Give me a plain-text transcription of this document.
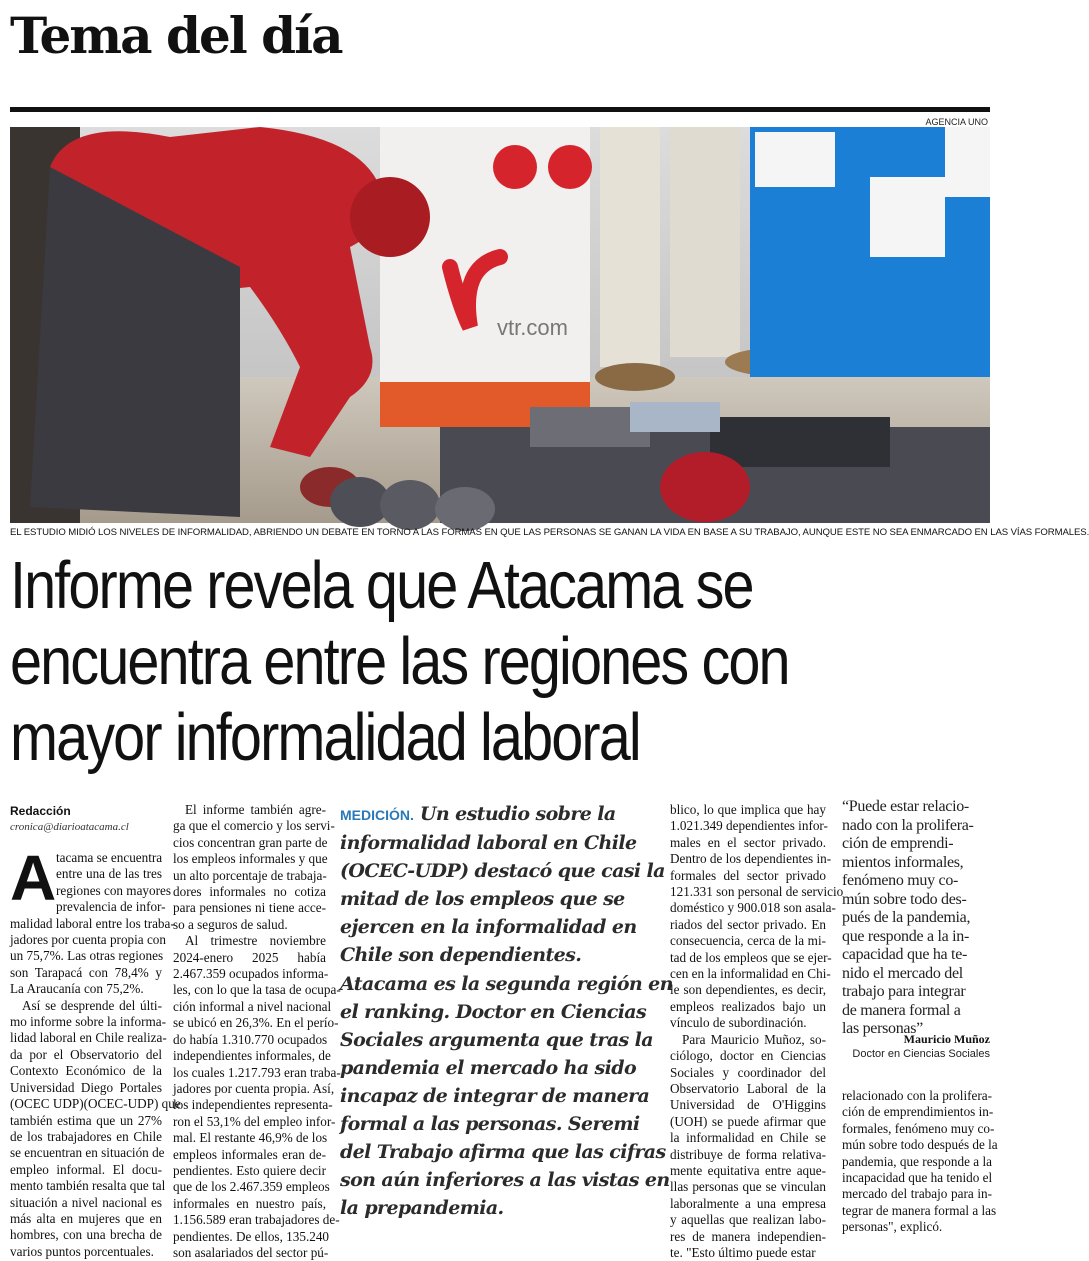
Tema del día
AGENCIA UNO
vtr.com
EL ESTUDIO MIDIÓ LOS NIVELES DE INFORMALIDAD, ABRIENDO UN DEBATE EN TORNO A LAS FORMAS EN QUE LAS PERSONAS SE GANAN LA VIDA EN BASE A SU TRABAJO, AUNQUE ESTE NO SEA ENMARCADO EN LAS VÍAS FORMALES.
Informe revela que Atacama se
encuentra entre las regiones con
mayor informalidad laboral
Redacción
cronica@diarioatacama.cl
A tacama se encuentra
entre una de las tres
regiones con mayores
prevalencia de infor-
malidad laboral entre los traba-
jadores por cuenta propia con
un 75,7%. Las otras regiones
son Tarapacá con 78,4% y
La Araucanía con 75,2%.
Así se desprende del últi-
mo informe sobre la informa-
lidad laboral en Chile realiza-
da por el Observatorio del
Contexto Económico de la
Universidad Diego Portales
(OCEC UDP)(OCEC-UDP) que
también estima que un 27%
de los trabajadores en Chile
se encuentran en situación de
empleo informal. El docu-
mento también resalta que tal
situación a nivel nacional es
más alta en mujeres que en
hombres, con una brecha de
varios puntos porcentuales.
El informe también agre-
ga que el comercio y los servi-
cios concentran gran parte de
los empleos informales y que
un alto porcentaje de trabaja-
dores informales no cotiza
para pensiones ni tiene acce-
so a seguros de salud.
Al trimestre noviembre
2024-enero 2025 había
2.467.359 ocupados informa-
les, con lo que la tasa de ocupa-
ción informal a nivel nacional
se ubicó en 26,3%. En el perío-
do había 1.310.770 ocupados
independientes informales, de
los cuales 1.217.793 eran traba-
jadores por cuenta propia. Así,
los independientes representa-
ron el 53,1% del empleo infor-
mal. El restante 46,9% de los
empleos informales eran de-
pendientes. Esto quiere decir
que de los 2.467.359 empleos
informales en nuestro país,
1.156.589 eran trabajadores de-
pendientes. De ellos, 135.240
son asalariados del sector pú-
MEDICIÓN. Un estudio sobre la
informalidad laboral en Chile
(OCEC-UDP) destacó que casi la
mitad de los empleos que se
ejercen en la informalidad en
Chile son dependientes.
Atacama es la segunda región en
el ranking. Doctor en Ciencias
Sociales argumenta que tras la
pandemia el mercado ha sido
incapaz de integrar de manera
formal a las personas. Seremi
del Trabajo afirma que las cifras
son aún inferiores a las vistas en
la prepandemia.
blico, lo que implica que hay
1.021.349 dependientes infor-
males en el sector privado.
Dentro de los dependientes in-
formales del sector privado
121.331 son personal de servicio
doméstico y 900.018 son asala-
riados del sector privado. En
consecuencia, cerca de la mi-
tad de los empleos que se ejer-
cen en la informalidad en Chi-
le son dependientes, es decir,
empleos realizados bajo un
vínculo de subordinación.
Para Mauricio Muñoz, so-
ciólogo, doctor en Ciencias
Sociales y coordinador del
Observatorio Laboral de la
Universidad de O'Higgins
(UOH) se puede afirmar que
la informalidad en Chile se
distribuye de forma relativa-
mente equitativa entre aque-
llas personas que se vinculan
laboralmente a una empresa
y aquellas que realizan labo-
res de manera independien-
te. "Esto último puede estar
“Puede estar relacio-
nado con la prolifera-
ción de emprendi-
mientos informales,
fenómeno muy co-
mún sobre todo des-
pués de la pandemia,
que responde a la in-
capacidad que ha te-
nido el mercado del
trabajo para integrar
de manera formal a
las personas”
Mauricio Muñoz
Doctor en Ciencias Sociales
relacionado con la prolifera-
ción de emprendimientos in-
formales, fenómeno muy co-
mún sobre todo después de la
pandemia, que responde a la
incapacidad que ha tenido el
mercado del trabajo para in-
tegrar de manera formal a las
personas", explicó.
